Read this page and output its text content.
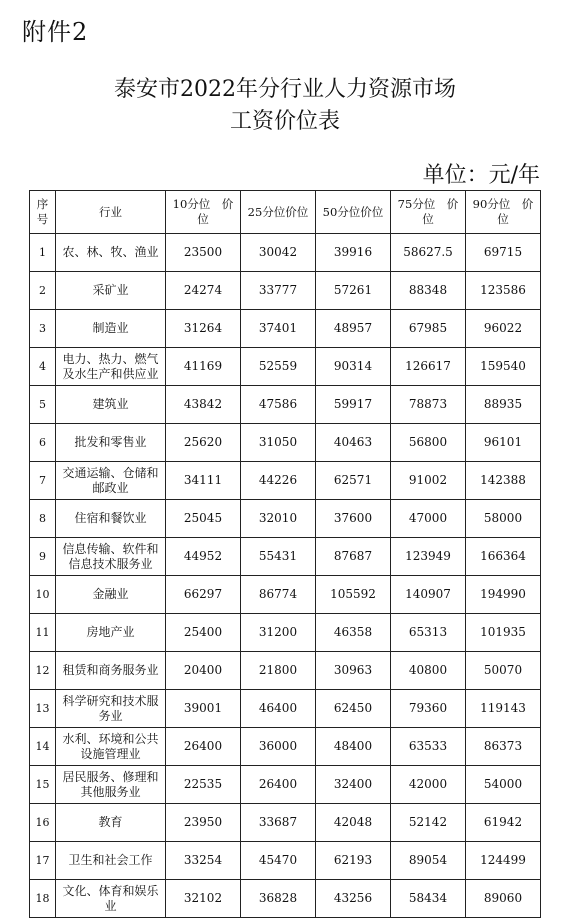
附件2
泰安市2022年分行业人力资源市场
工资价位表
单位：元/年
序号	行业	10分位　价位	25分位价位	50分位价位	75分位　价位	90分位　价位
1	农、林、牧、渔业	23500	30042	39916	58627.5	69715
2	采矿业	24274	33777	57261	88348	123586
3	制造业	31264	37401	48957	67985	96022
4	电力、热力、燃气及水生产和供应业	41169	52559	90314	126617	159540
5	建筑业	43842	47586	59917	78873	88935
6	批发和零售业	25620	31050	40463	56800	96101
7	交通运输、仓储和邮政业	34111	44226	62571	91002	142388
8	住宿和餐饮业	25045	32010	37600	47000	58000
9	信息传输、软件和信息技术服务业	44952	55431	87687	123949	166364
10	金融业	66297	86774	105592	140907	194990
11	房地产业	25400	31200	46358	65313	101935
12	租赁和商务服务业	20400	21800	30963	40800	50070
13	科学研究和技术服务业	39001	46400	62450	79360	119143
14	水利、环境和公共设施管理业	26400	36000	48400	63533	86373
15	居民服务、修理和其他服务业	22535	26400	32400	42000	54000
16	教育	23950	33687	42048	52142	61942
17	卫生和社会工作	33254	45470	62193	89054	124499
18	文化、体育和娱乐业	32102	36828	43256	58434	89060
